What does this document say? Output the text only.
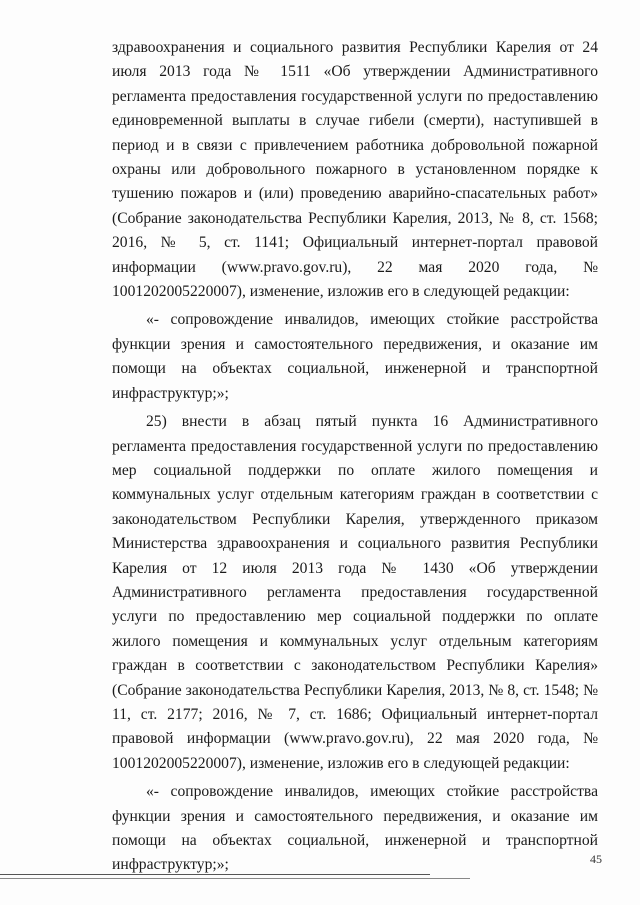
здравоохранения и социального развития Республики Карелия от 24 июля 2013 года № 1511 «Об утверждении Административного регламента предоставления государственной услуги по предоставлению единовременной выплаты в случае гибели (смерти), наступившей в период и в связи с привлечением работника добровольной пожарной охраны или добровольного пожарного в установленном порядке к тушению пожаров и (или) проведению аварийно-спасательных работ» (Собрание законодательства Республики Карелия, 2013, № 8, ст. 1568; 2016, № 5, ст. 1141; Официальный интернет-портал правовой информации (www.pravo.gov.ru), 22 мая 2020 года, № 1001202005220007), изменение, изложив его в следующей редакции:

«- сопровождение инвалидов, имеющих стойкие расстройства функции зрения и самостоятельного передвижения, и оказание им помощи на объектах социальной, инженерной и транспортной инфраструктур;»;

25) внести в абзац пятый пункта 16 Административного регламента предоставления государственной услуги по предоставлению мер социальной поддержки по оплате жилого помещения и коммунальных услуг отдельным категориям граждан в соответствии с законодательством Республики Карелия, утвержденного приказом Министерства здравоохранения и социального развития Республики Карелия от 12 июля 2013 года № 1430 «Об утверждении Административного регламента предоставления государственной услуги по предоставлению мер социальной поддержки по оплате жилого помещения и коммунальных услуг отдельным категориям граждан в соответствии с законодательством Республики Карелия» (Собрание законодательства Республики Карелия, 2013, № 8, ст. 1548; № 11, ст. 2177; 2016, № 7, ст. 1686; Официальный интернет-портал правовой информации (www.pravo.gov.ru), 22 мая 2020 года, № 1001202005220007), изменение, изложив его в следующей редакции:

«- сопровождение инвалидов, имеющих стойкие расстройства функции зрения и самостоятельного передвижения, и оказание им помощи на объектах социальной, инженерной и транспортной инфраструктур;»;	45
